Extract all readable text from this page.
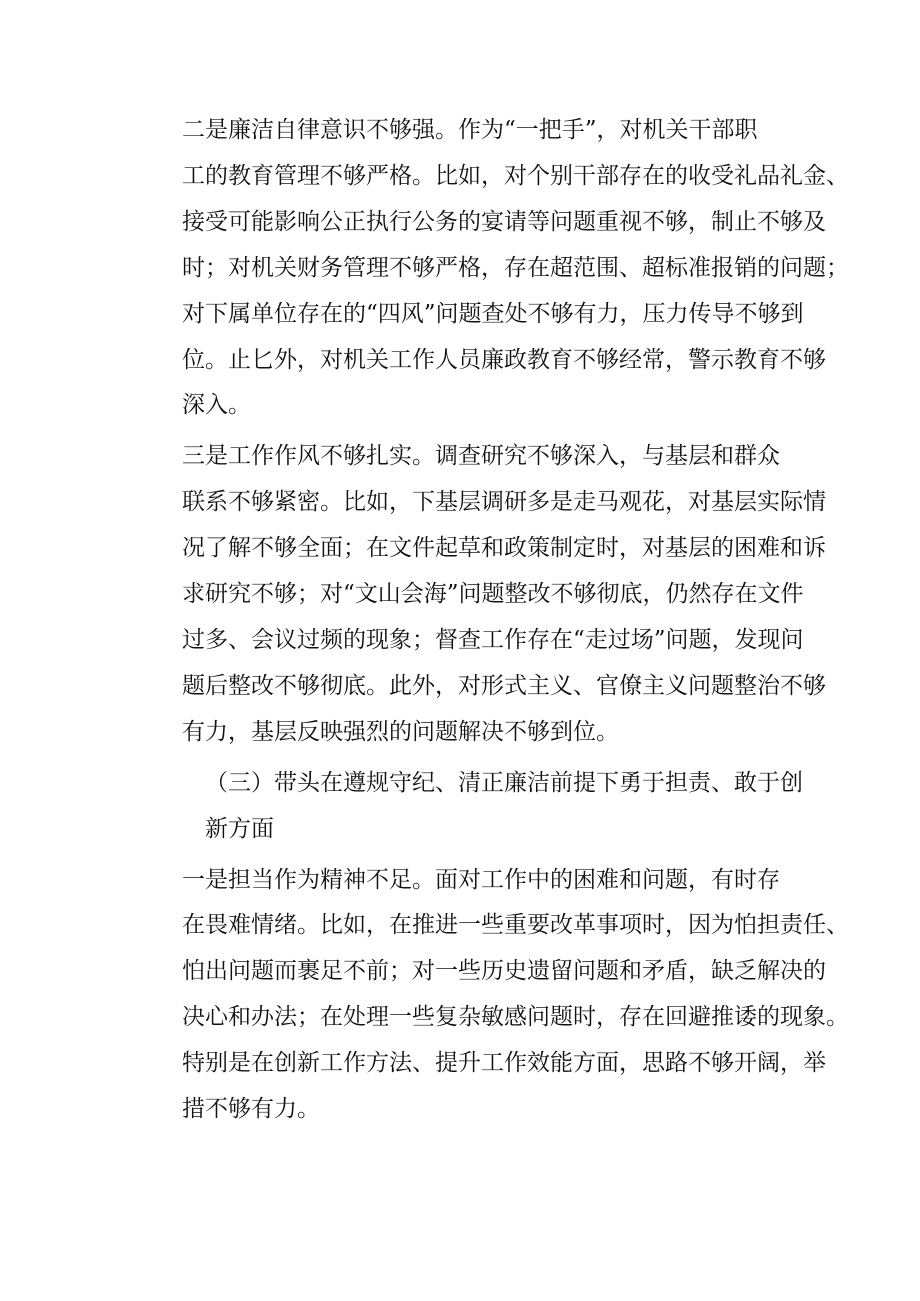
二是廉洁自律意识不够强。作为“一把手”，对机关干部职
工的教育管理不够严格。比如，对个别干部存在的收受礼品礼金、
接受可能影响公正执行公务的宴请等问题重视不够，制止不够及
时；对机关财务管理不够严格，存在超范围、超标准报销的问题；
对下属单位存在的“四风”问题查处不够有力，压力传导不够到
位。止匕外，对机关工作人员廉政教育不够经常，警示教育不够
深入。

三是工作作风不够扎实。调查研究不够深入，与基层和群众
联系不够紧密。比如，下基层调研多是走马观花，对基层实际情
况了解不够全面；在文件起草和政策制定时，对基层的困难和诉
求研究不够；对“文山会海”问题整改不够彻底，仍然存在文件
过多、会议过频的现象；督查工作存在“走过场”问题，发现问
题后整改不够彻底。此外，对形式主义、官僚主义问题整治不够
有力，基层反映强烈的问题解决不够到位。

（三）带头在遵规守纪、清正廉洁前提下勇于担责、敢于创
新方面

一是担当作为精神不足。面对工作中的困难和问题，有时存
在畏难情绪。比如，在推进一些重要改革事项时，因为怕担责任、
怕出问题而裹足不前；对一些历史遗留问题和矛盾，缺乏解决的
决心和办法；在处理一些复杂敏感问题时，存在回避推诿的现象。
特别是在创新工作方法、提升工作效能方面，思路不够开阔，举
措不够有力。
